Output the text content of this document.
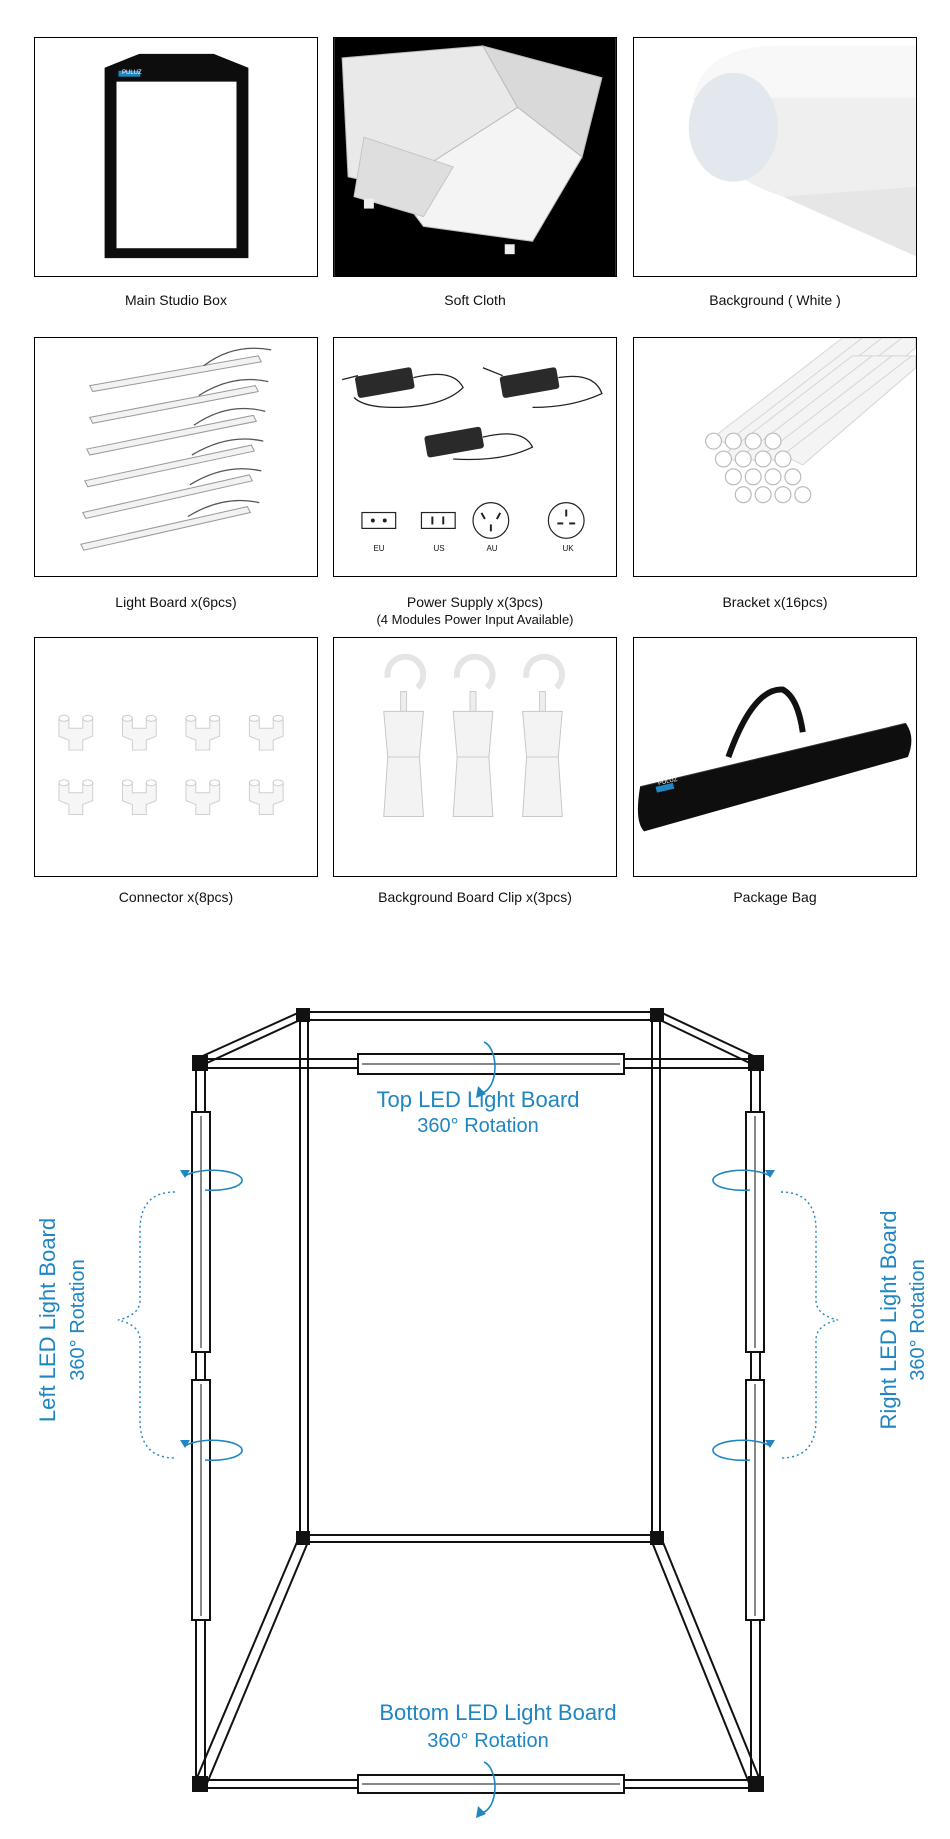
PULUZ
Main Studio Box	Soft Cloth	Background ( White )
Light Board x(6pcs)
EU	US	AU	UK
Power Supply x(3pcs)
(4 Modules Power Input Available)
Bracket x(16pcs)
Connector x(8pcs)	Background Board Clip x(3pcs)
PULUZ
Package Bag
Top LED Light Board
360° Rotation
Bottom LED Light Board
360° Rotation
Left LED Light Board 360° Rotation	Right LED Light Board 360° Rotation
